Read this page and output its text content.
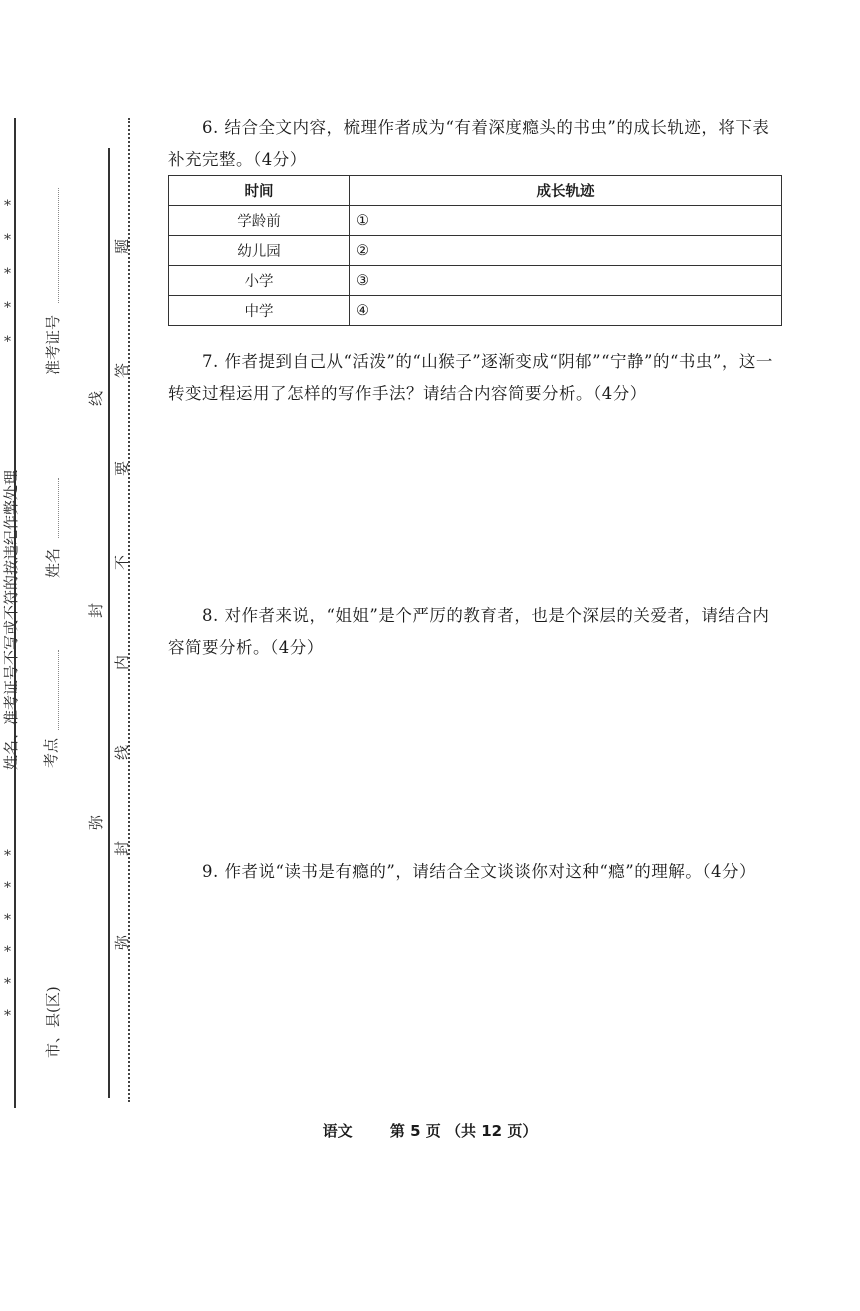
*
*
*
*
*
*
*
*
*
*
*
姓名、准考证号不写或不符的按违纪作弊处理
准考证号
姓名
考点
市、县(区)
题
答
线
要
不
封
内
线
弥
封
弥
6. 结合全文内容，梳理作者成为“有着深度瘾头的书虫”的成长轨迹，将下表补充完整。（4分）
时间	成长轨迹
学龄前	①
幼儿园	②
小学	③
中学	④
7. 作者提到自己从“活泼”的“山猴子”逐渐变成“阴郁”“宁静”的“书虫”，这一转变过程运用了怎样的写作手法？请结合内容简要分析。（4分）
8. 对作者来说，“姐姐”是个严厉的教育者，也是个深层的关爱者，请结合内容简要分析。（4分）
9. 作者说“读书是有瘾的”，请结合全文谈谈你对这种“瘾”的理解。（4分）
语文 第 5 页 （共 12 页）
